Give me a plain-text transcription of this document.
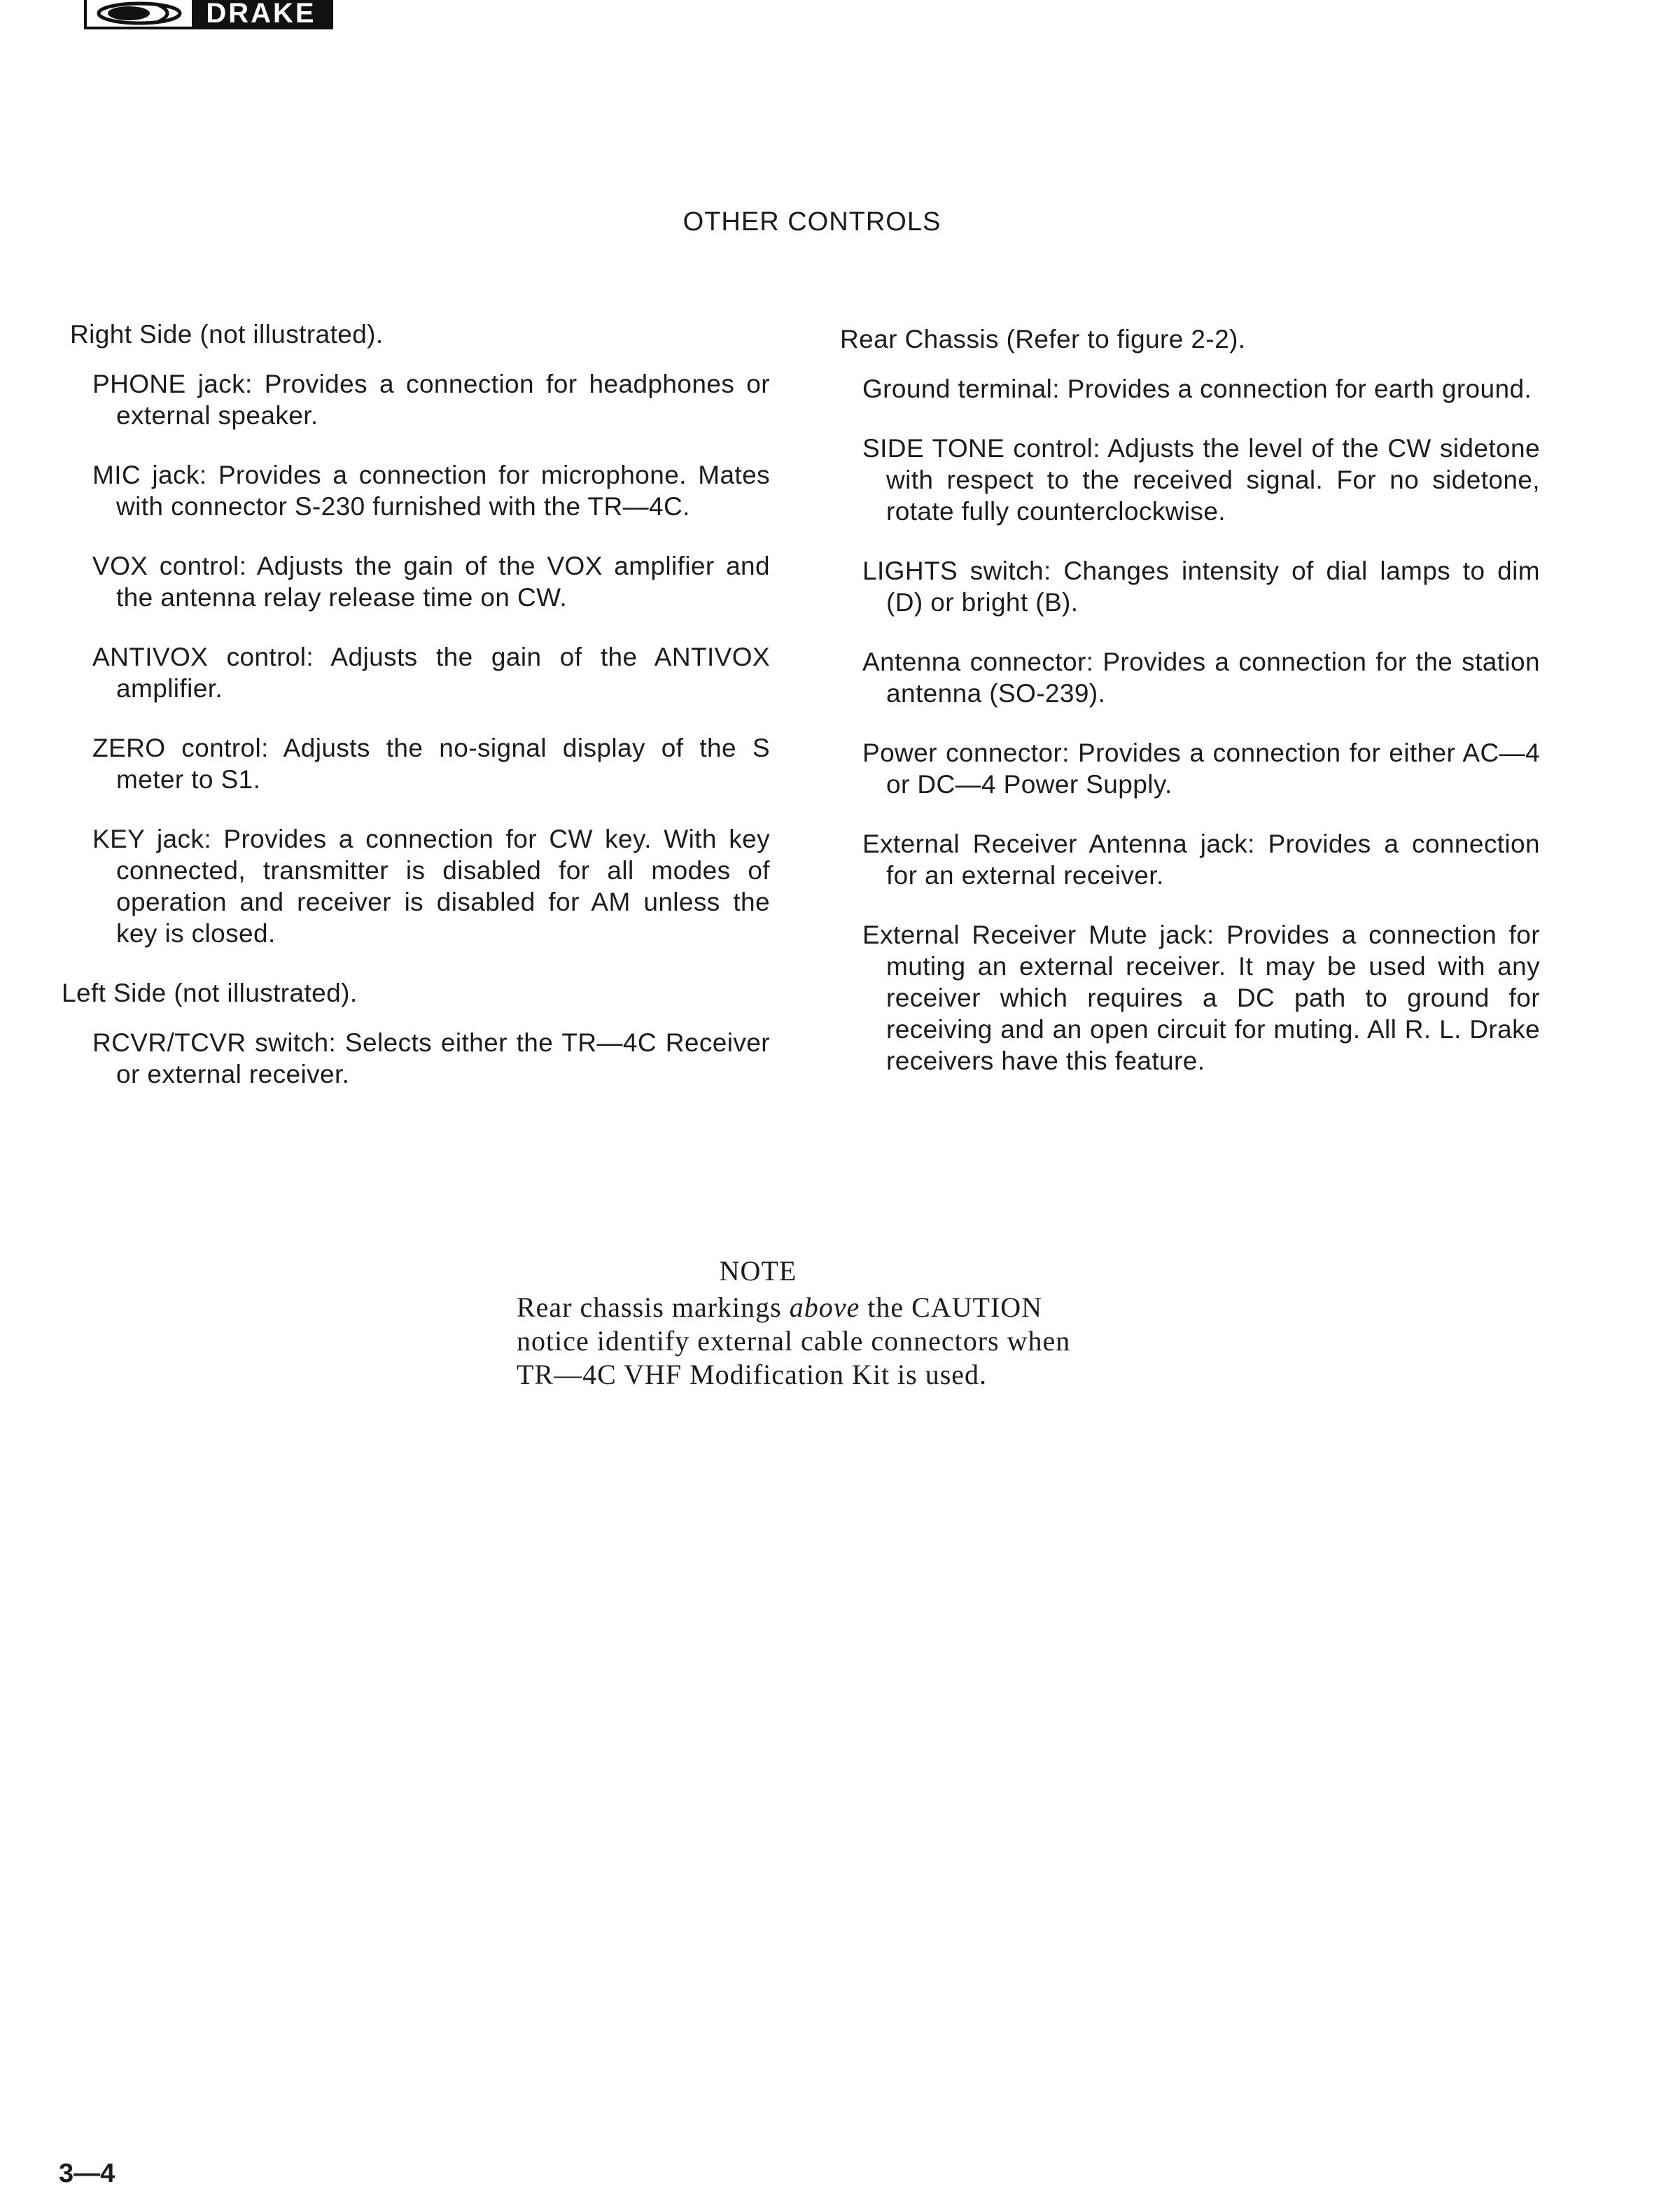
DRAKE
OTHER CONTROLS

Right Side (not illustrated).

PHONE jack: Provides a connection for headphones or external speaker.

MIC jack: Provides a connection for microphone. Mates with connector S-230 furnished with the TR—4C.

VOX control: Adjusts the gain of the VOX amplifier and the antenna relay release time on CW.

ANTIVOX control: Adjusts the gain of the ANTIVOX amplifier.

ZERO control: Adjusts the no-signal display of the S meter to S1.

KEY jack: Provides a connection for CW key. With key connected, transmitter is disabled for all modes of operation and receiver is disabled for AM unless the key is closed.

Left Side (not illustrated).

RCVR/TCVR switch: Selects either the TR—4C Receiver or external receiver.

Rear Chassis (Refer to figure 2-2).

Ground terminal: Provides a connection for earth ground.

SIDE TONE control: Adjusts the level of the CW sidetone with respect to the received signal. For no sidetone, rotate fully counterclockwise.

LIGHTS switch: Changes intensity of dial lamps to dim (D) or bright (B).

Antenna connector: Provides a connection for the station antenna (SO-239).

Power connector: Provides a connection for either AC—4 or DC—4 Power Supply.

External Receiver Antenna jack: Provides a connection for an external receiver.

External Receiver Mute jack: Provides a connection for muting an external receiver. It may be used with any receiver which requires a DC path to ground for receiving and an open circuit for muting. All R. L. Drake receivers have this feature.

NOTE
Rear chassis markings above the CAUTION notice identify external cable connectors when TR—4C VHF Modification Kit is used.
3—4
